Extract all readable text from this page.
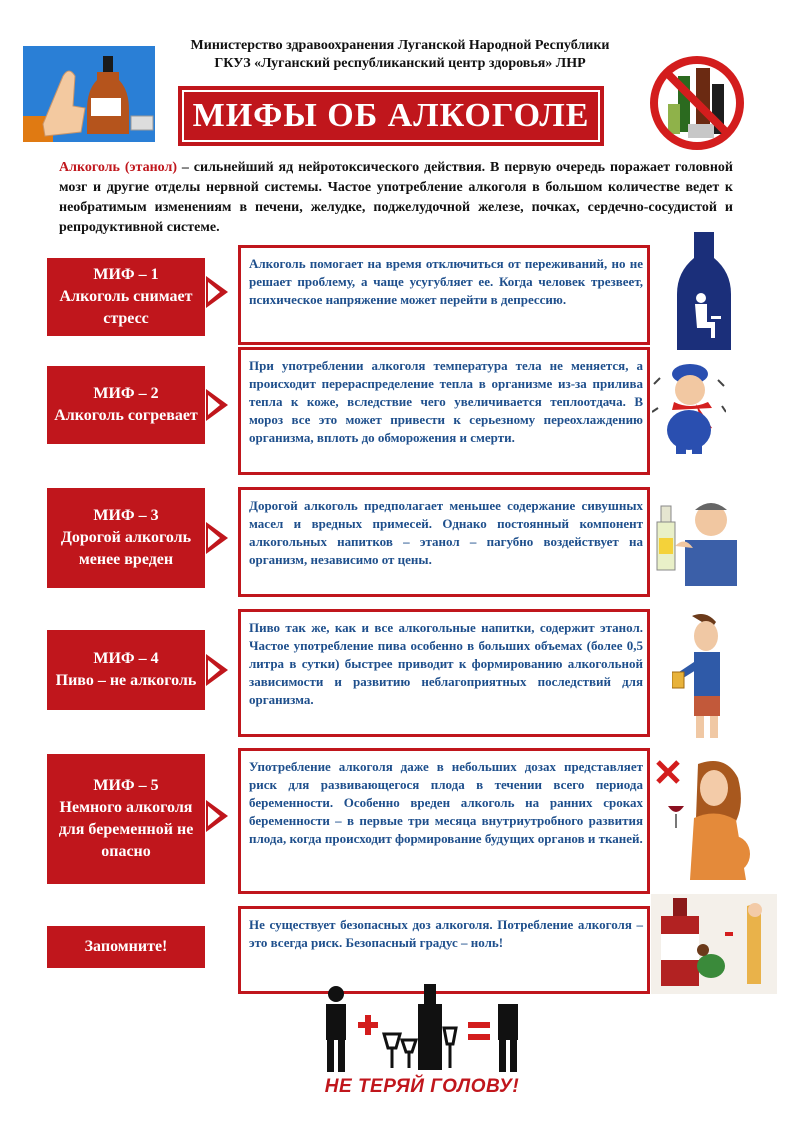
Министерство здравоохранения Луганской Народной Республики
ГКУЗ «Луганский республиканский центр здоровья» ЛНР
МИФЫ ОБ АЛКОГОЛЕ
Алкоголь (этанол) – сильнейший яд нейротоксического действия. В первую очередь поражает головной мозг и другие отделы нервной системы. Частое употребление алкоголя в большом количестве ведет к необратимым изменениям в печени, желудке, поджелудочной железе, почках, сердечно-сосудистой и репродуктивной системе.
МИФ – 1
Алкоголь снимает стресс
Алкоголь помогает на время отключиться от переживаний, но не решает проблему, а чаще усугубляет ее. Когда человек трезвеет, психическое напряжение может перейти в депрессию.
МИФ – 2
Алкоголь согревает
При употреблении алкоголя температура тела не меняется, а происходит перераспределение тепла в организме из-за прилива тепла к коже, вследствие чего увеличивается теплоотдача. В мороз все это может привести к серьезному переохлаждению организма, вплоть до обморожения и смерти.
МИФ – 3
Дорогой алкоголь менее вреден
Дорогой алкоголь предполагает меньшее содержание сивушных масел и вредных примесей. Однако постоянный компонент алкогольных напитков – этанол – пагубно воздействует на организм, независимо от цены.
МИФ – 4
Пиво – не алкоголь
Пиво так же, как и все алкогольные напитки, содержит этанол. Частое употребление пива особенно в больших объемах (более 0,5 литра в сутки) быстрее приводит к формированию алкогольной зависимости и развитию неблагоприятных последствий для организма.
МИФ – 5
Немного алкоголя для беременной не опасно
Употребление алкоголя даже в небольших дозах представляет риск для развивающегося плода в течении всего периода беременности. Особенно вреден алкоголь на ранних сроках беременности – в первые три месяца внутриутробного развития плода, когда происходит формирование будущих органов и тканей.
Запомните!
Не существует безопасных доз алкоголя. Потребление алкоголя – это всегда риск. Безопасный градус – ноль!
НЕ ТЕРЯЙ ГОЛОВУ!
